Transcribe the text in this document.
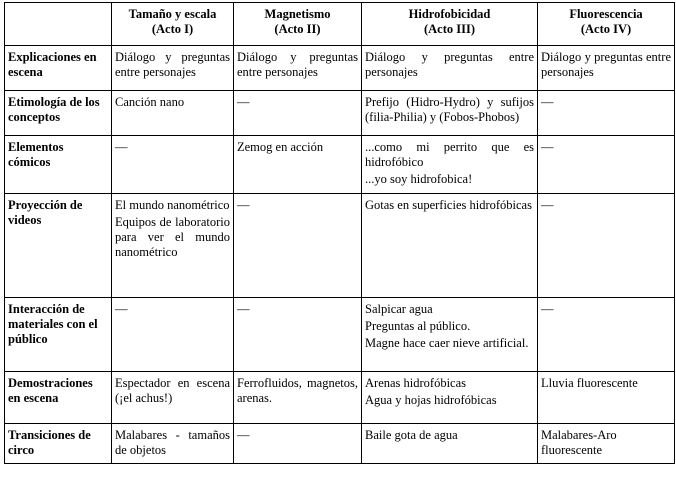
	Tamaño y escala
(Acto I)	Magnetismo
(Acto II)	Hidrofobicidad
(Acto III)	Fluorescencia
(Acto IV)
Explicaciones en escena	Diálogo y preguntas entre personajes	Diálogo y preguntas entre personajes	Diálogo y preguntas entre personajes	Diálogo y preguntas entre personajes

Etimología de los conceptos	Canción nano	—	Prefijo (Hidro-Hydro) y sufijos (filia-Philia) y (Fobos-Phobos)	—

Elementos cómicos	—	Zemog en acción	...como mi perrito que es hidrofóbico
...yo soy hidrofobica!	—

Proyección de videos	El mundo nanométrico
Equipos de laboratorio para ver el mundo nanométrico	—	Gotas en superficies hidrofóbicas	—

Interacción de materiales con el público	—	—	Salpicar agua
Preguntas al público.
Magne hace caer nieve artificial.	—

Demostraciones en escena	Espectador en escena (¡el achus!)	Ferrofluidos, magnetos, arenas.	Arenas hidrofóbicas
Agua y hojas hidrofóbicas	Lluvia fluorescente

Transiciones de circo	Malabares - tamaños de objetos	—	Baile gota de agua	Malabares-Aro fluorescente
